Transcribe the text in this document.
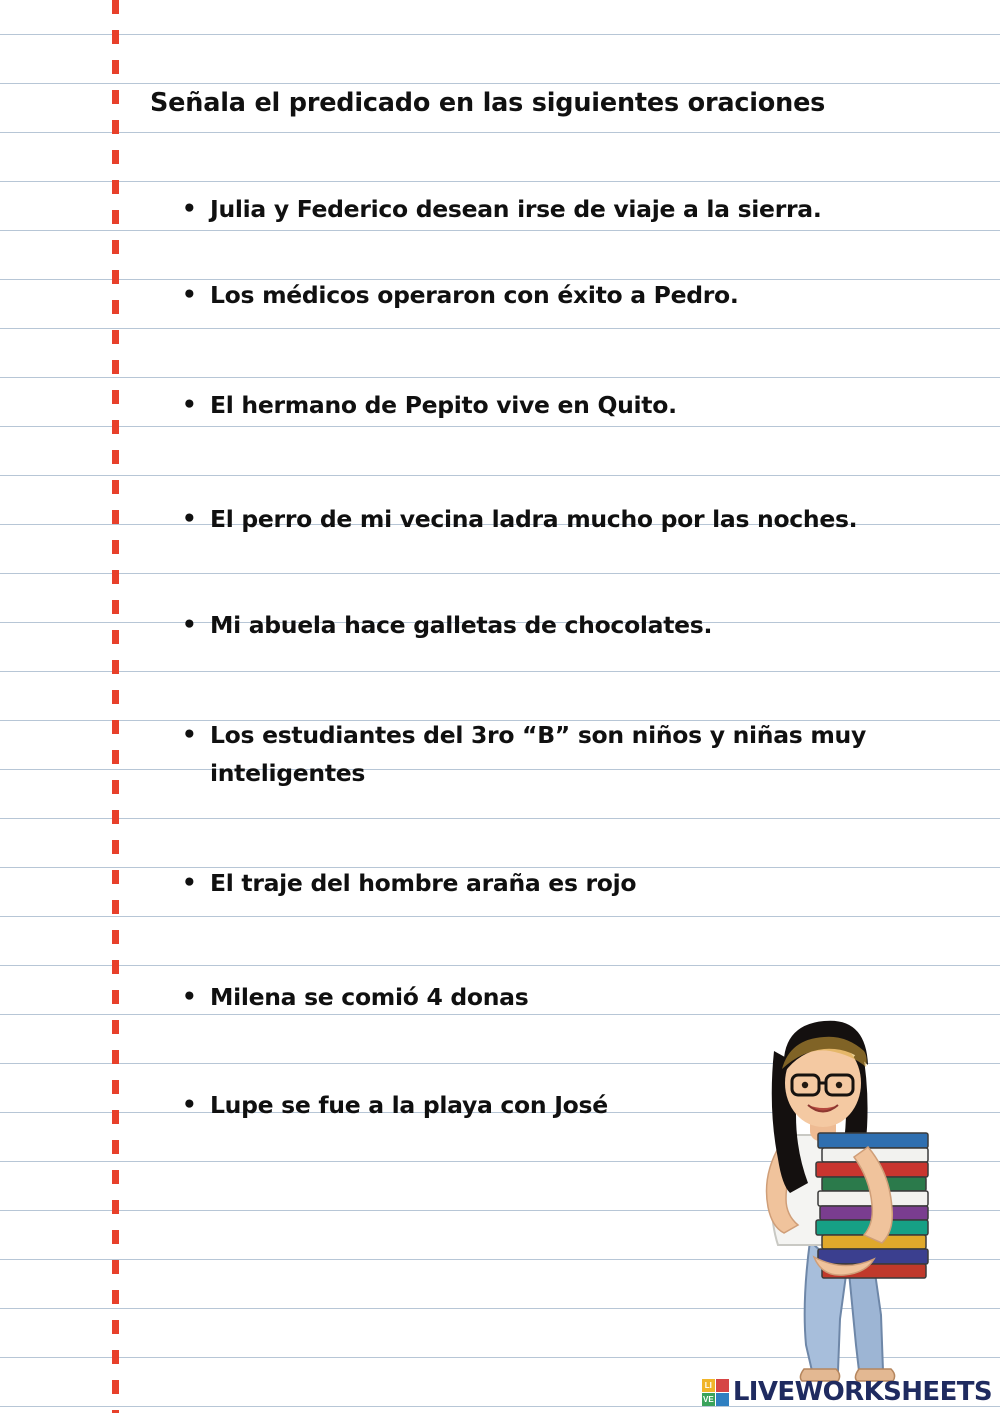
Señala el predicado en las siguientes oraciones
• Julia y Federico desean irse de viaje a la sierra.
• Los médicos operaron con éxito a Pedro.
• El hermano de Pepito vive en Quito.
• El perro de mi vecina ladra mucho por las noches.
• Mi abuela hace galletas de chocolates.
• Los estudiantes del 3ro “B” son niños y niñas muy inteligentes
• El traje del hombre araña es rojo
• Milena se comió 4 donas
• Lupe se fue a la playa con José
LI
VE LIVEWORKSHEETS
